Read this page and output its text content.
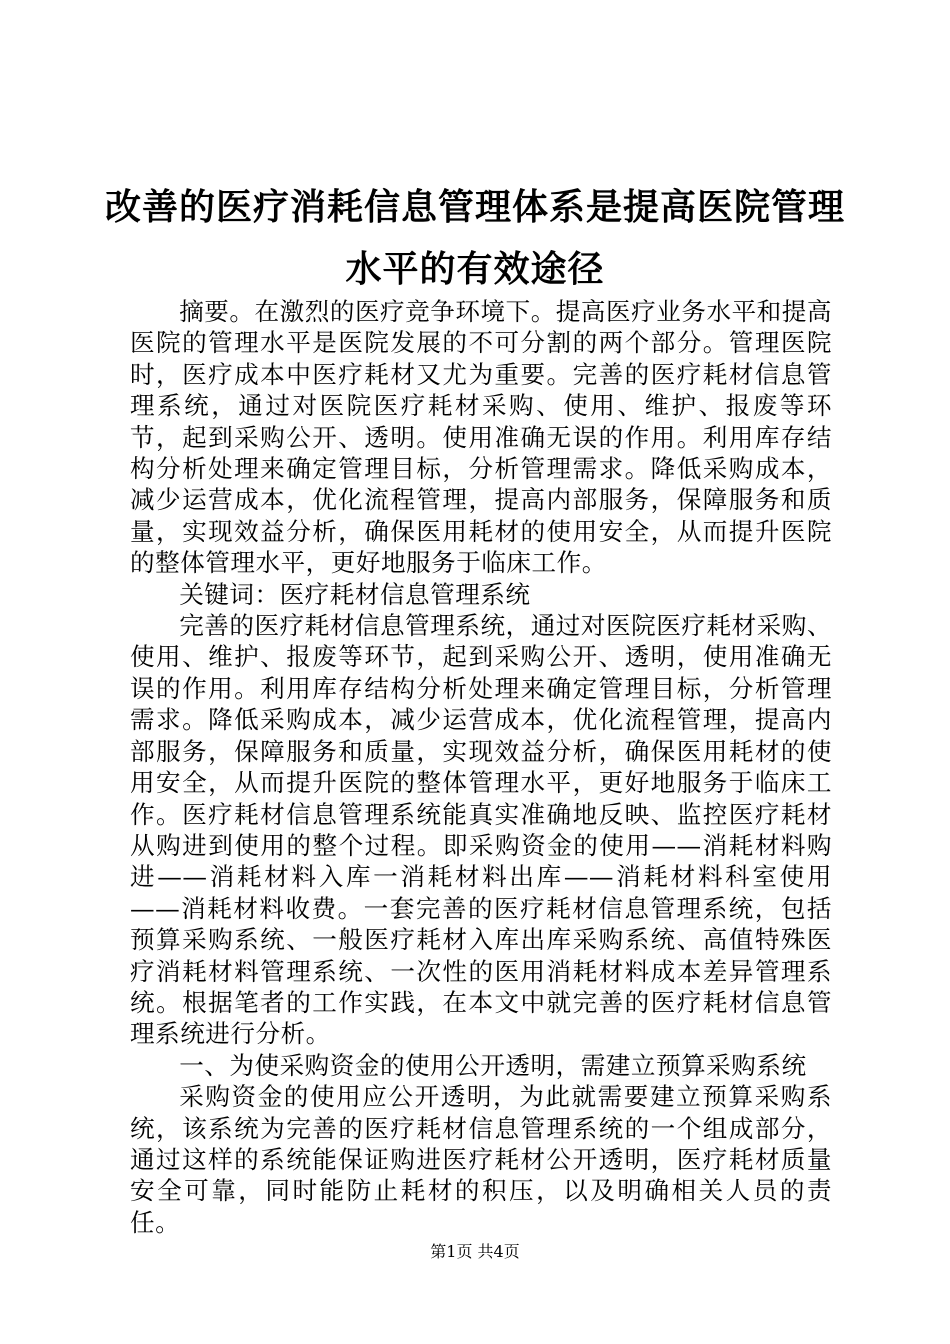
改善的医疗消耗信息管理体系是提高医院管理
水平的有效途径

摘要。在激烈的医疗竞争环境下。提高医疗业务水平和提高医院的管理水平是医院发展的不可分割的两个部分。管理医院时，医疗成本中医疗耗材又尤为重要。完善的医疗耗材信息管理系统，通过对医院医疗耗材采购、使用、维护、报废等环节，起到采购公开、透明。使用准确无误的作用。利用库存结构分析处理来确定管理目标，分析管理需求。降低采购成本，减少运营成本，优化流程管理，提高内部服务，保障服务和质量，实现效益分析，确保医用耗材的使用安全，从而提升医院的整体管理水平，更好地服务于临床工作。

关键词：医疗耗材信息管理系统

完善的医疗耗材信息管理系统，通过对医院医疗耗材采购、使用、维护、报废等环节，起到采购公开、透明，使用准确无误的作用。利用库存结构分析处理来确定管理目标，分析管理需求。降低采购成本，减少运营成本，优化流程管理，提高内部服务，保障服务和质量，实现效益分析，确保医用耗材的使用安全，从而提升医院的整体管理水平，更好地服务于临床工作。医疗耗材信息管理系统能真实准确地反映、监控医疗耗材从购进到使用的整个过程。即采购资金的使用——消耗材料购进——消耗材料入库一消耗材料出库——消耗材料科室使用——消耗材料收费。一套完善的医疗耗材信息管理系统，包括预算采购系统、一般医疗耗材入库出库采购系统、高值特殊医疗消耗材料管理系统、一次性的医用消耗材料成本差异管理系统。根据笔者的工作实践，在本文中就完善的医疗耗材信息管理系统进行分析。

一、为使采购资金的使用公开透明，需建立预算采购系统

采购资金的使用应公开透明，为此就需要建立预算采购系统，该系统为完善的医疗耗材信息管理系统的一个组成部分，通过这样的系统能保证购进医疗耗材公开透明，医疗耗材质量安全可靠，同时能防止耗材的积压，以及明确相关人员的责任。

第1页 共4页
